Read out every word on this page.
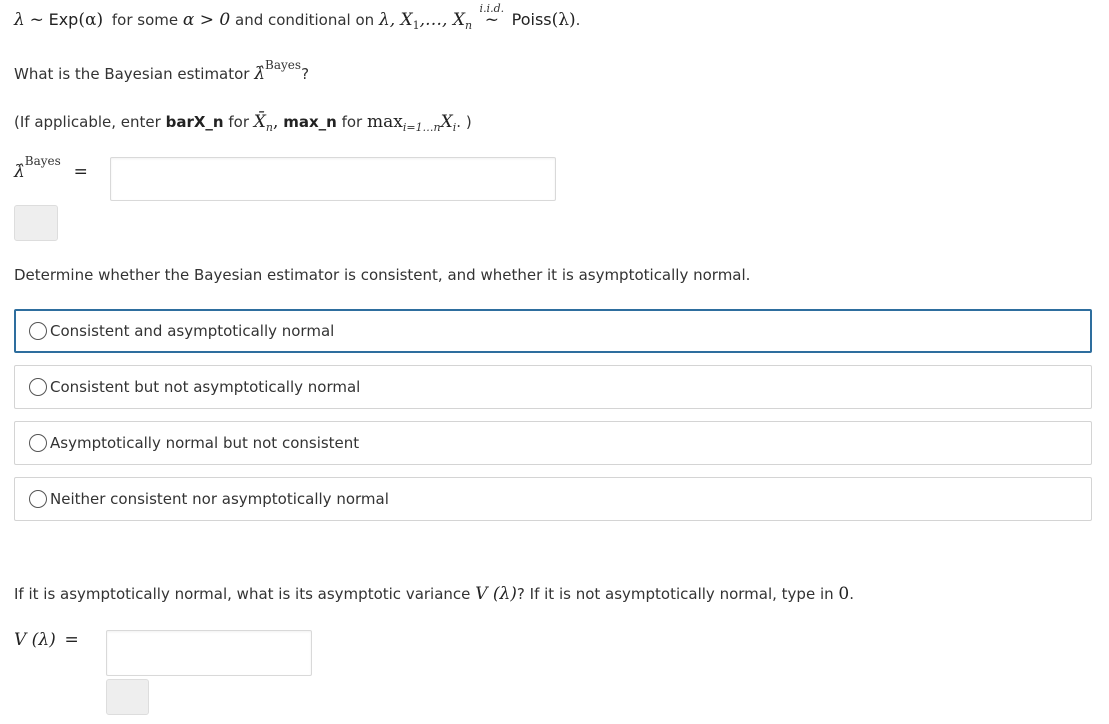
λ ~ Exp(α) for some α > 0 and conditional on λ, $X_1,\dots$, $X_n$
i.i.d.
~ Poiss(λ).
What is the Bayesian estimator λ̂$^{Bayes}$?
(If applicable, enter barX_n for $X̄_n$, max_n for $\max_{i=1\dots n}X_i$. )
λ̂$^{Bayes}$ =
Determine whether the Bayesian estimator is consistent, and whether it is asymptotically normal.
Consistent and asymptotically normal
Consistent but not asymptotically normal
Asymptotically normal but not consistent
Neither consistent nor asymptotically normal
If it is asymptotically normal, what is its asymptotic variance V (λ)? If it is not asymptotically normal, type in 0.
V (λ) =
